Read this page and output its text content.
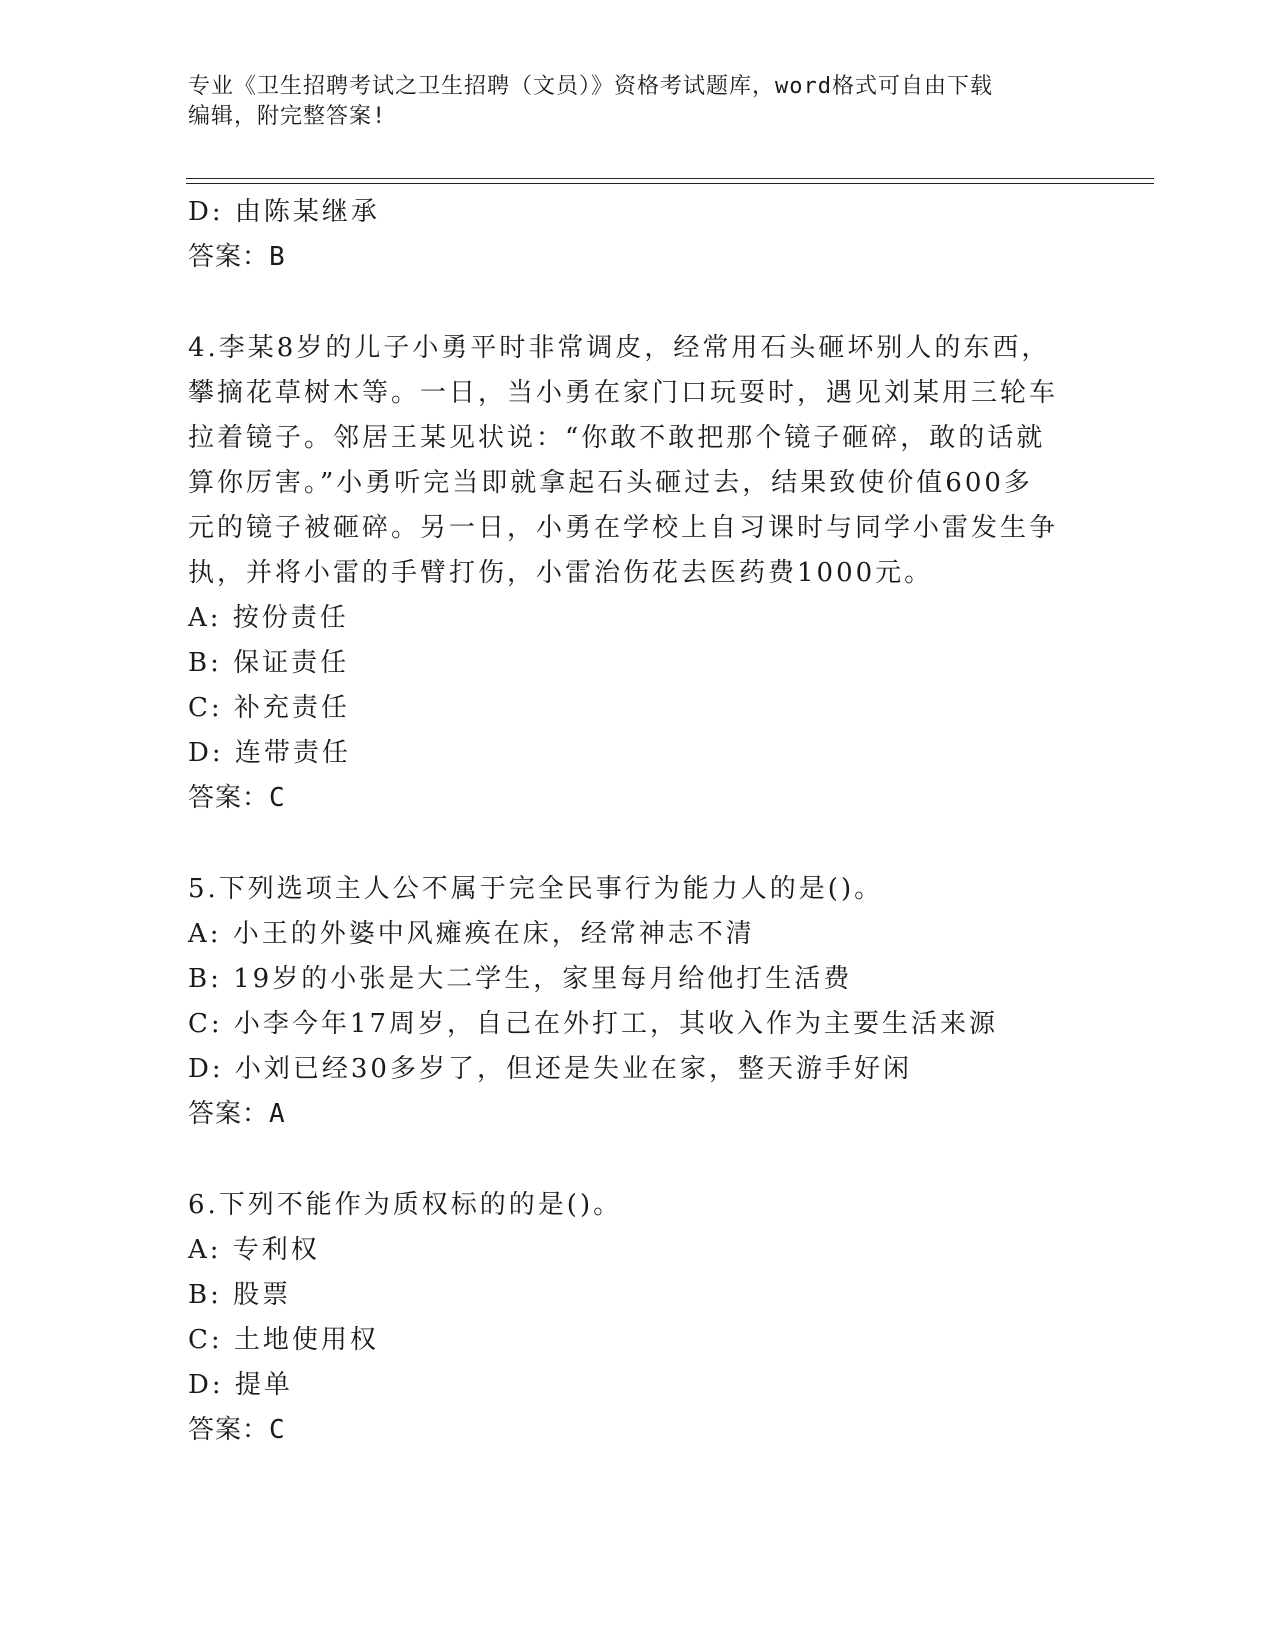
专业《卫生招聘考试之卫生招聘（文员）》资格考试题库，word格式可自由下载
编辑，附完整答案!
D: 由陈某继承
答案：B
4.李某8岁的儿子小勇平时非常调皮，经常用石头砸坏别人的东西，
攀摘花草树木等。一日，当小勇在家门口玩耍时，遇见刘某用三轮车
拉着镜子。邻居王某见状说：“你敢不敢把那个镜子砸碎，敢的话就
算你厉害。”小勇听完当即就拿起石头砸过去，结果致使价值600多
元的镜子被砸碎。另一日，小勇在学校上自习课时与同学小雷发生争
执，并将小雷的手臂打伤，小雷治伤花去医药费1000元。
A: 按份责任
B: 保证责任
C: 补充责任
D: 连带责任
答案：C
5.下列选项主人公不属于完全民事行为能力人的是()。
A: 小王的外婆中风瘫痪在床，经常神志不清
B: 19岁的小张是大二学生，家里每月给他打生活费
C: 小李今年17周岁，自己在外打工，其收入作为主要生活来源
D: 小刘已经30多岁了，但还是失业在家，整天游手好闲
答案：A
6.下列不能作为质权标的的是()。
A: 专利权
B: 股票
C: 土地使用权
D: 提单
答案：C
